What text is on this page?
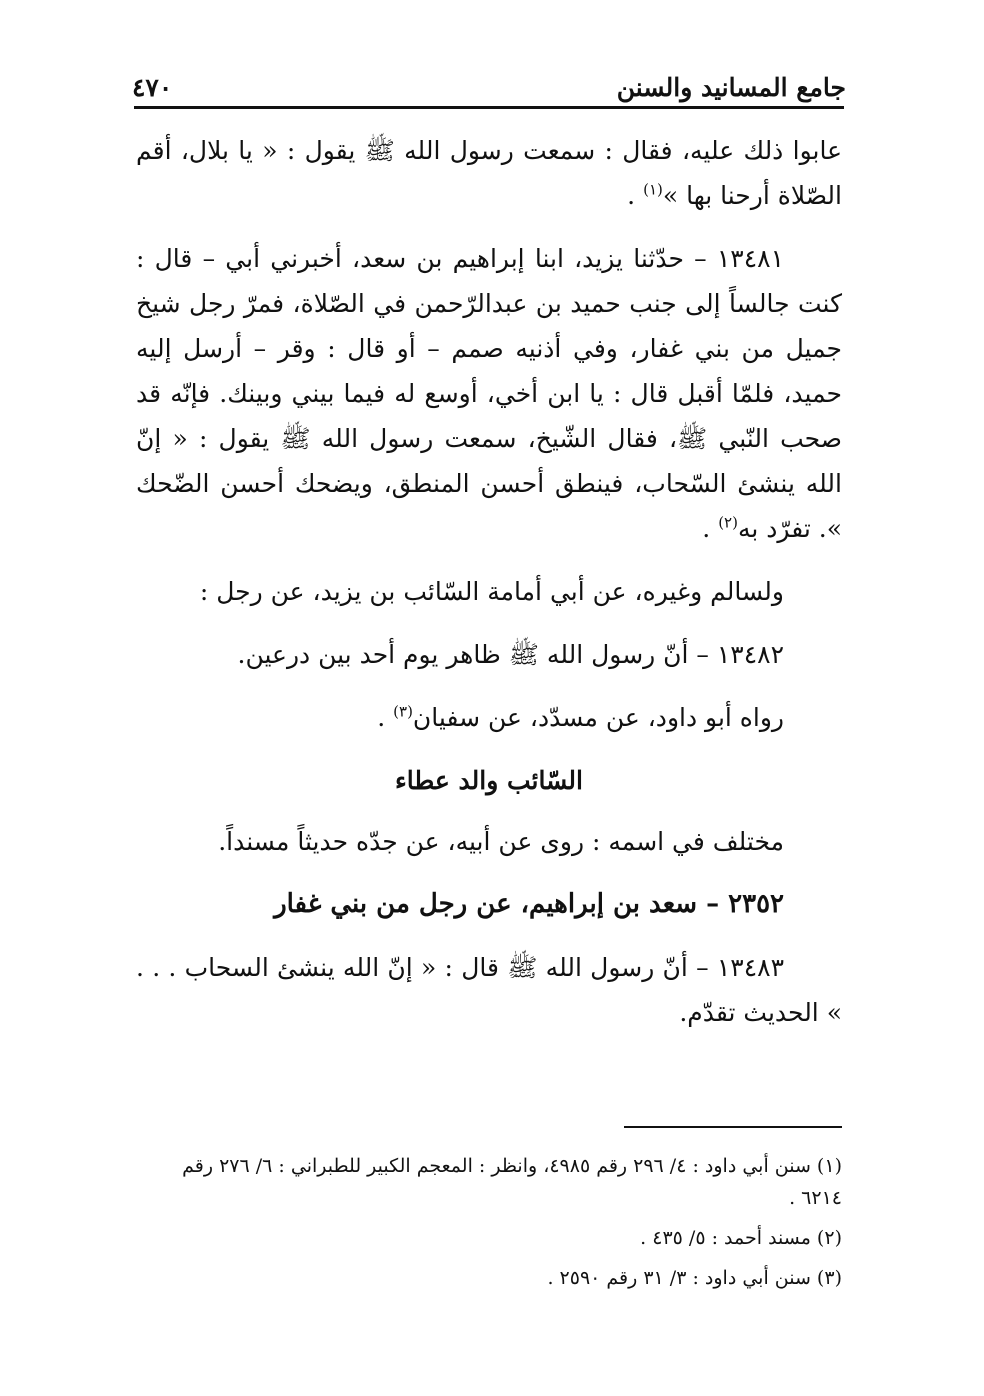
جامع المسانيد والسنن
٤٧٠

عابوا ذلك عليه، فقال : سمعت رسول الله ﷺ يقول : « يا بلال، أقم الصّلاة أرحنا بها »$^{(١)}$ .

١٣٤٨١ – حدّثنا يزيد، ابنا إبراهيم بن سعد، أخبرني أبي – قال : كنت جالساً إلى جنب حميد بن عبدالرّحمن في الصّلاة، فمرّ رجل شيخ جميل من بني غفار، وفي أذنيه صمم – أو قال : وقر – أرسل إليه حميد، فلمّا أقبل قال : يا ابن أخي، أوسع له فيما بيني وبينك. فإنّه قد صحب النّبي ﷺ، فقال الشّيخ، سمعت رسول الله ﷺ يقول : « إنّ الله ينشئ السّحاب، فينطق أحسن المنطق، ويضحك أحسن الضّحك ». تفرّد به$^{(٢)}$ .

ولسالم وغيره، عن أبي أمامة السّائب بن يزيد، عن رجل :

١٣٤٨٢ – أنّ رسول الله ﷺ ظاهر يوم أحد بين درعين.

رواه أبو داود، عن مسدّد، عن سفيان$^{(٣)}$ .

السّائب والد عطاء

مختلف في اسمه : روى عن أبيه، عن جدّه حديثاً مسنداً.

٢٣٥٢ – سعد بن إبراهيم، عن رجل من بني غفار

١٣٤٨٣ – أنّ رسول الله ﷺ قال : « إنّ الله ينشئ السحاب . . . » الحديث تقدّم.

(١) سنن أبي داود : ٤/ ٢٩٦ رقم ٤٩٨٥، وانظر : المعجم الكبير للطبراني : ٦/ ٢٧٦ رقم ٦٢١٤ .
(٢) مسند أحمد : ٥/ ٤٣٥ .
(٣) سنن أبي داود : ٣/ ٣١ رقم ٢٥٩٠ .
